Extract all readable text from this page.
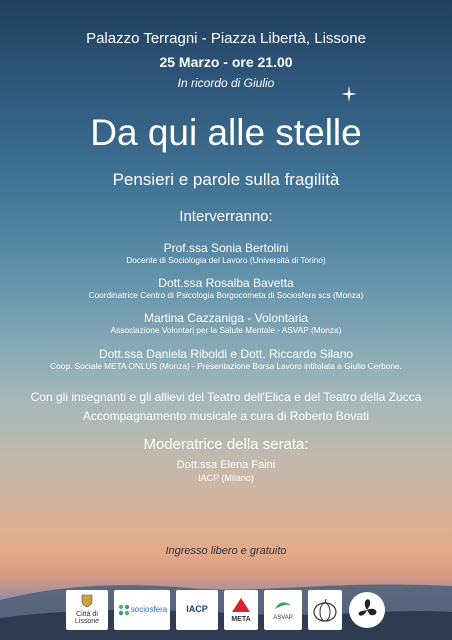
Palazzo Terragni - Piazza Libertà, Lissone
25 Marzo - ore 21.00
In ricordo di Giulio
Da qui alle stelle
Pensieri e parole sulla fragilità
Interverranno:
Prof.ssa Sonia Bertolini
Docente di Sociologia del Lavoro (Università di Torino)
Dott.ssa Rosalba Bavetta
Coordinatrice Centro di Psicologia Borgocometa di Sociosfera scs (Monza)
Martina Cazzaniga - Volontaria
Associazione Volontari per la Salute Mentale - ASVAP (Monza)
Dott.ssa Daniela Riboldi e Dott. Riccardo Silano
Coop. Sociale META ONLUS (Monza) - Presentazione Borsa Lavoro intitolata a Giulio Cerbone.
Con gli insegnanti e gli allievi del Teatro dell'Elica e del Teatro della Zucca
Accompagnamento musicale a cura di Roberto Bovati
Moderatrice della serata:
Dott.ssa Elena Faini
IACP (Milano)
Ingresso libero e gratuito

Città di Lissone
sociosfera IACP

META	ASVAP
